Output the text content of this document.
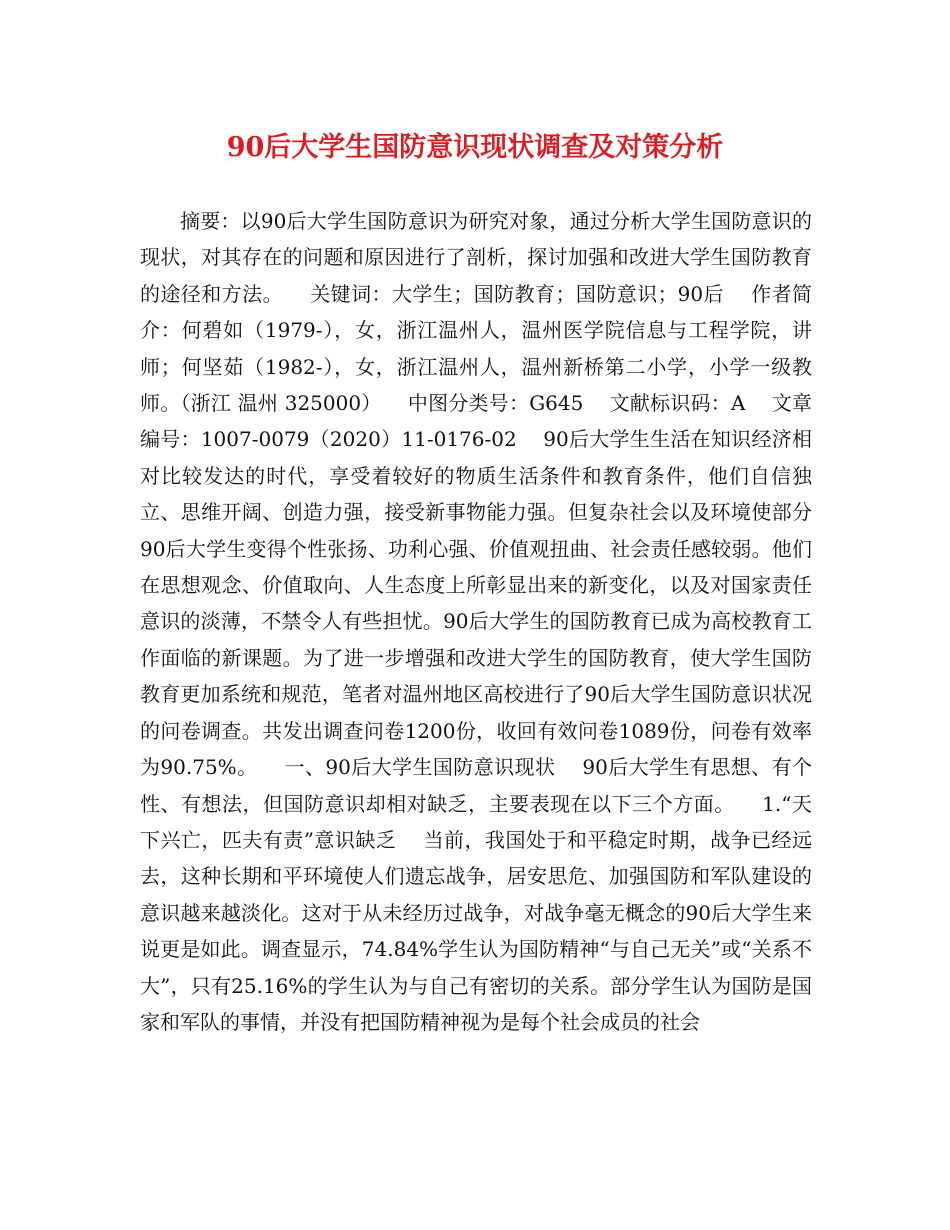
90后大学生国防意识现状调查及对策分析

摘要：以90后大学生国防意识为研究对象，通过分析大学生国防意识的现状，对其存在的问题和原因进行了剖析，探讨加强和改进大学生国防教育的途径和方法。    关键词：大学生；国防教育；国防意识；90后    作者简介：何碧如（1979-），女，浙江温州人，温州医学院信息与工程学院，讲师；何坚茹（1982-），女，浙江温州人，温州新桥第二小学，小学一级教师。（浙江 温州 325000）    中图分类号：G645    文献标识码：A    文章编号：1007-0079（2020）11-0176-02    90后大学生生活在知识经济相对比较发达的时代，享受着较好的物质生活条件和教育条件，他们自信独立、思维开阔、创造力强，接受新事物能力强。但复杂社会以及环境使部分90后大学生变得个性张扬、功利心强、价值观扭曲、社会责任感较弱。他们在思想观念、价值取向、人生态度上所彰显出来的新变化，以及对国家责任意识的淡薄，不禁令人有些担忧。90后大学生的国防教育已成为高校教育工作面临的新课题。为了进一步增强和改进大学生的国防教育，使大学生国防教育更加系统和规范，笔者对温州地区高校进行了90后大学生国防意识状况的问卷调查。共发出调查问卷1200份，收回有效问卷1089份，问卷有效率为90.75%。    一、90后大学生国防意识现状    90后大学生有思想、有个性、有想法，但国防意识却相对缺乏，主要表现在以下三个方面。    1.“天下兴亡，匹夫有责”意识缺乏    当前，我国处于和平稳定时期，战争已经远去，这种长期和平环境使人们遗忘战争，居安思危、加强国防和军队建设的意识越来越淡化。这对于从未经历过战争，对战争毫无概念的90后大学生来说更是如此。调查显示，74.84%学生认为国防精神“与自己无关”或“关系不大”，只有25.16%的学生认为与自己有密切的关系。部分学生认为国防是国家和军队的事情，并没有把国防精神视为是每个社会成员的社会
